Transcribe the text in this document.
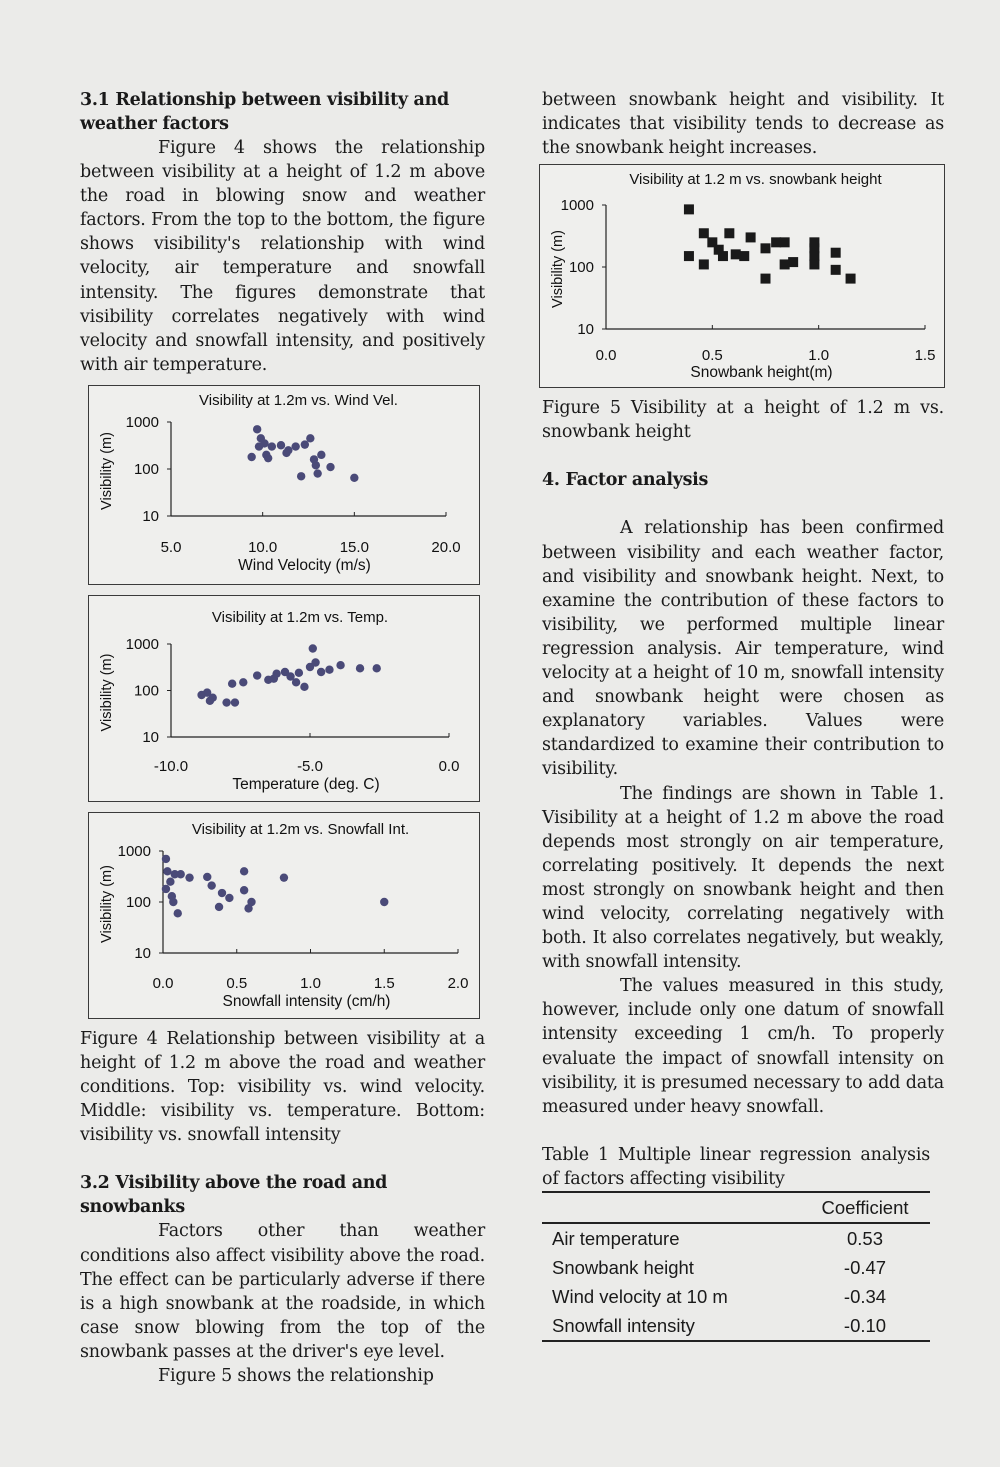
3.1 Relationship between visibility and weather factors

Figure 4 shows the relationship between visibility at a height of 1.2 m above the road in blowing snow and weather factors. From the top to the bottom, the figure shows visibility's relationship with wind velocity, air temperature and snowfall intensity. The figures demonstrate that visibility correlates negatively with wind velocity and snowfall intensity, and positively with air temperature.

Visibility at 1.2m vs. Wind Vel.
10
100
1000
5.0	10.0	15.0	20.0
Wind Velocity (m/s)
Visibility (m)
Visibility at 1.2m vs. Temp.
10
100
1000
-10.0	-5.0	0.0
Temperature (deg. C)
Visibility (m)
Visibility at 1.2m vs. Snowfall Int.
10
100
1000
0.0	0.5	1.0	1.5	2.0
Snowfall intensity (cm/h)
Visibility (m)

Figure 4 Relationship between visibility at a height of 1.2 m above the road and weather conditions. Top: visibility vs. wind velocity. Middle: visibility vs. temperature. Bottom: visibility vs. snowfall intensity

3.2 Visibility above the road and snowbanks

Factors other than weather conditions also affect visibility above the road. The effect can be particularly adverse if there is a high snowbank at the roadside, in which case snow blowing from the top of the snowbank passes at the driver's eye level.

Figure 5 shows the relationship

between snowbank height and visibility. It indicates that visibility tends to decrease as the snowbank height increases.

Visibility at 1.2 m vs. snowbank height
10
100
1000
0.0	0.5	1.0	1.5
Snowbank height(m)
Visibility (m)

Figure 5 Visibility at a height of 1.2 m vs. snowbank height

4. Factor analysis

A relationship has been confirmed between visibility and each weather factor, and visibility and snowbank height. Next, to examine the contribution of these factors to visibility, we performed multiple linear regression analysis. Air temperature, wind velocity at a height of 10 m, snowfall intensity and snowbank height were chosen as explanatory variables. Values were standardized to examine their contribution to visibility.

The findings are shown in Table 1. Visibility at a height of 1.2 m above the road depends most strongly on air temperature, correlating positively. It depends the next most strongly on snowbank height and then wind velocity, correlating negatively with both. It also correlates negatively, but weakly, with snowfall intensity.

The values measured in this study, however, include only one datum of snowfall intensity exceeding 1 cm/h. To properly evaluate the impact of snowfall intensity on visibility, it is presumed necessary to add data measured under heavy snowfall.

Table 1 Multiple linear regression analysis of factors affecting visibility

	Coefficient
Air temperature	0.53
Snowbank height	-0.47
Wind velocity at 10 m	-0.34
Snowfall intensity	-0.10
